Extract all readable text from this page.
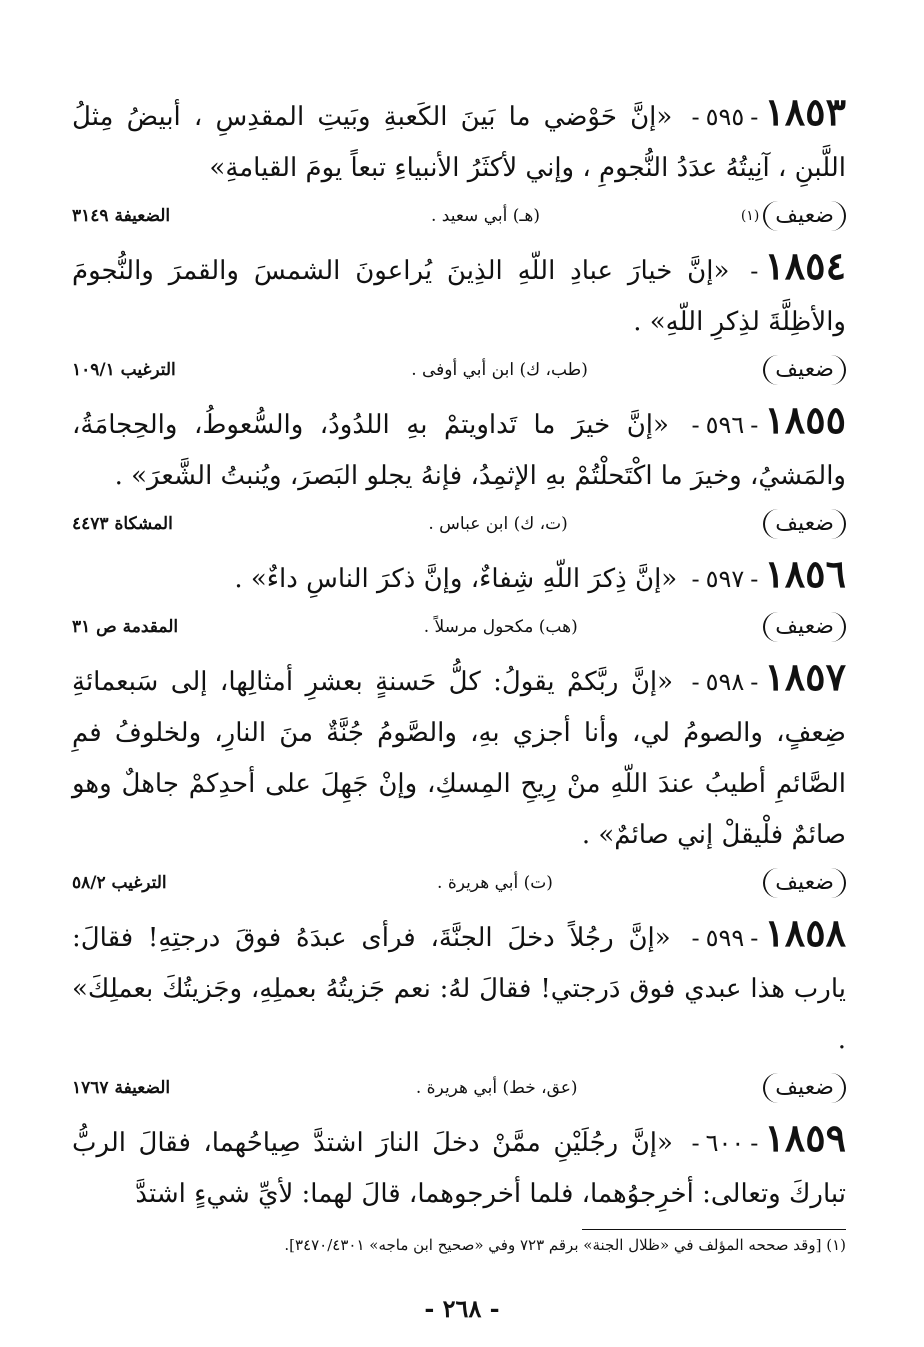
١٨٥٣-٥٩٥- «إنَّ حَوْضي ما بَينَ الكَعبةِ وبَيتِ المقدِسِ ، أبيضُ مِثلُ اللَّبنِ ، آنِيتُهُ عدَدُ النُّجومِ ، وإني لأكثَرُ الأنبياءِ تبعاً يومَ القيامةِ»
ضعيف
(١)
(هـ) أبي سعيد .
الضعيفة ٣١٤٩
١٨٥٤- «إنَّ خيارَ عبادِ اللّهِ الذِينَ يُراعونَ الشمسَ والقمرَ والنُّجومَ والأظِلَّةَ لذِكرِ اللّهِ» .
ضعيف
(طب، ك) ابن أبي أوفى .
الترغيب ١٠٩/١
١٨٥٥-٥٩٦- «إنَّ خيرَ ما تَداويتمْ بهِ اللدُودُ، والسُّعوطُ، والحِجامَةُ، والمَشيُ، وخيرَ ما اكْتَحلْتُمْ بهِ الإثمِدُ، فإنهُ يجلو البَصرَ، ويُنبتُ الشَّعرَ» .
ضعيف
(ت، ك) ابن عباس .
المشكاة ٤٤٧٣
١٨٥٦-٥٩٧- «إنَّ ذِكرَ اللّهِ شِفاءٌ، وإنَّ ذكرَ الناسِ داءٌ» .
ضعيف
(هب) مكحول مرسلاً .
المقدمة ص ٣١
١٨٥٧-٥٩٨- «إنَّ ربَّكمْ يقولُ: كلُّ حَسنةٍ بعشرِ أمثالِها، إلى سَبعمائةِ ضِعفٍ، والصومُ لي، وأنا أجزي بهِ، والصَّومُ جُنَّةٌ منَ النارِ، ولخلوفُ فمِ الصَّائمِ أطيبُ عندَ اللّهِ منْ رِيحِ المِسكِ، وإنْ جَهِلَ على أحدِكمْ جاهلٌ وهو صائمٌ فلْيقلْ إني صائمٌ» .
ضعيف
(ت) أبي هريرة .
الترغيب ٥٨/٢
١٨٥٨-٥٩٩- «إنَّ رجُلاً دخلَ الجنَّةَ، فرأى عبدَهُ فوقَ درجتِهِ! فقالَ: يارب هذا عبدي فوق دَرجتي! فقالَ لهُ: نعم جَزيتُهُ بعملِهِ، وجَزيتُكَ بعملِكَ» .
ضعيف
(عق، خط) أبي هريرة .
الضعيفة ١٧٦٧
١٨٥٩-٦٠٠- «إنَّ رجُلَيْنِ ممَّنْ دخلَ النارَ اشتدَّ صِياحُهما، فقالَ الربُّ تباركَ وتعالى: أخرِجوُهما، فلما أخرجوهما، قالَ لهما: لأيِّ شيءٍ اشتدَّ
(١) [وقد صححه المؤلف في «ظلال الجنة» برقم ٧٢٣ وفي «صحيح ابن ماجه» ٣٤٧٠/٤٣٠١].
- ٢٦٨ -
